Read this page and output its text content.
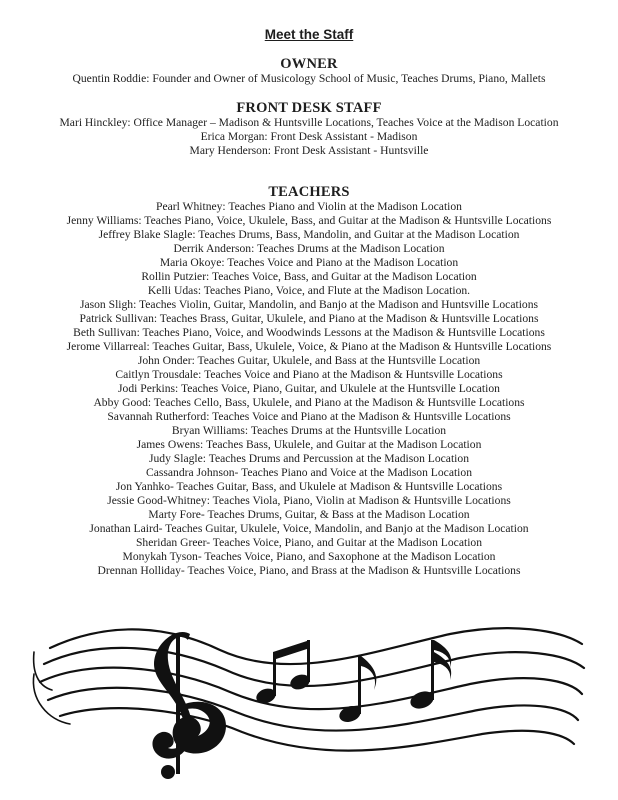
Meet the Staff
OWNER
Quentin Roddie: Founder and Owner of Musicology School of Music, Teaches Drums, Piano, Mallets
FRONT DESK STAFF
Mari Hinckley: Office Manager – Madison & Huntsville Locations, Teaches Voice at the Madison Location
Erica Morgan: Front Desk Assistant - Madison
Mary Henderson: Front Desk Assistant - Huntsville
TEACHERS
Pearl Whitney: Teaches Piano and Violin at the Madison Location
Jenny Williams: Teaches Piano, Voice, Ukulele, Bass, and Guitar at the Madison & Huntsville Locations
Jeffrey Blake Slagle: Teaches Drums, Bass, Mandolin, and Guitar at the Madison Location
Derrik Anderson: Teaches Drums at the Madison Location
Maria Okoye: Teaches Voice and Piano at the Madison Location
Rollin Putzier: Teaches Voice, Bass, and Guitar at the Madison Location
Kelli Udas: Teaches Piano, Voice, and Flute at the Madison Location.
Jason Sligh: Teaches Violin, Guitar, Mandolin, and Banjo at the Madison and Huntsville Locations
Patrick Sullivan: Teaches Brass, Guitar, Ukulele, and Piano at the Madison & Huntsville Locations
Beth Sullivan: Teaches Piano, Voice, and Woodwinds Lessons at the Madison & Huntsville Locations
Jerome Villarreal: Teaches Guitar, Bass, Ukulele, Voice, & Piano at the Madison & Huntsville Locations
John Onder: Teaches Guitar, Ukulele, and Bass at the Huntsville Location
Caitlyn Trousdale: Teaches Voice and Piano at the Madison & Huntsville Locations
Jodi Perkins: Teaches Voice, Piano, Guitar, and Ukulele at the Huntsville Location
Abby Good: Teaches Cello, Bass, Ukulele, and Piano at the Madison & Huntsville Locations
Savannah Rutherford: Teaches Voice and Piano at the Madison & Huntsville Locations
Bryan Williams: Teaches Drums at the Huntsville Location
James Owens: Teaches Bass, Ukulele, and Guitar at the Madison Location
Judy Slagle: Teaches Drums and Percussion at the Madison Location
Cassandra Johnson- Teaches Piano and Voice at the Madison Location
Jon Yanhko- Teaches Guitar, Bass, and Ukulele at Madison & Huntsville Locations
Jessie Good-Whitney: Teaches Viola, Piano, Violin at Madison & Huntsville Locations
Marty Fore- Teaches Drums, Guitar, & Bass at the Madison Location
Jonathan Laird- Teaches Guitar, Ukulele, Voice, Mandolin, and Banjo at the Madison Location
Sheridan Greer- Teaches Voice, Piano, and Guitar at the Madison Location
Monykah Tyson- Teaches Voice, Piano, and Saxophone at the Madison Location
Drennan Holliday- Teaches Voice, Piano, and Brass at the Madison & Huntsville Locations
